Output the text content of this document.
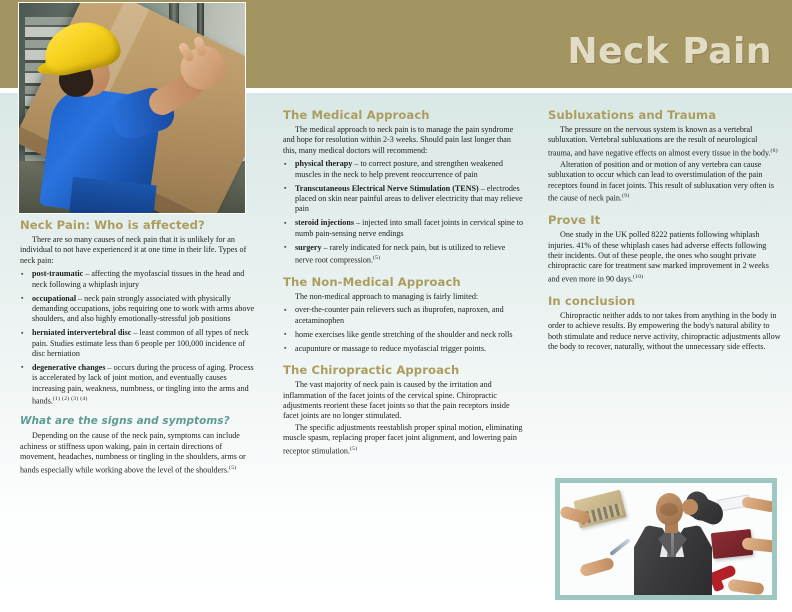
Neck Pain
Neck Pain: Who is affected?

There are so many causes of neck pain that it is unlikely for an individual to not have experienced it at one time in their life. Types of neck pain:

▪ post-traumatic – affecting the myofascial tissues in the head and neck following a whiplash injury
▪ occupational – neck pain strongly associated with physically demanding occupations, jobs requiring one to work with arms above shoulders, and also highly emotionally-stressful job positions
▪ herniated intervertebral disc – least common of all types of neck pain. Studies estimate less than 6 people per 100,000 incidence of disc herniation
▪ degenerative changes – occurs during the process of aging. Process is accelerated by lack of joint motion, and eventually causes increasing pain, weakness, numbness, or tingling into the arms and hands.$^{(1) (2) (3) (4)}$
What are the signs and symptoms?

Depending on the cause of the neck pain, symptoms can include achiness or stiffness upon waking, pain in certain directions of movement, headaches, numbness or tingling in the shoulders, arms or hands especially while working above the level of the shoulders.$^{(5)}$

The Medical Approach

The medical approach to neck pain is to manage the pain syndrome and hope for resolution within 2-3 weeks. Should pain last longer than this, many medical doctors will recommend:

▪ physical therapy – to correct posture, and strengthen weakened muscles in the neck to help prevent reoccurrence of pain
▪ Transcutaneous Electrical Nerve Stimulation (TENS) – electrodes placed on skin near painful areas to deliver electricity that may relieve pain
▪ steroid injections – injected into small facet joints in cervical spine to numb pain-sensing nerve endings
▪ surgery – rarely indicated for neck pain, but is utilized to relieve nerve root compression.$^{(5)}$
The Non-Medical Approach

The non-medical approach to managing is fairly limited:

▪ over-the-counter pain relievers such as ibuprofen, naproxen, and acetaminophen
▪ home exercises like gentle stretching of the shoulder and neck rolls
▪ acupunture or massage to reduce myofascial trigger points.
The Chiropractic Approach

The vast majority of neck pain is caused by the irritation and inflammation of the facet joints of the cervical spine. Chiropractic adjustments reorient these facet joints so that the pain receptors inside facet joints are no longer stimulated.

The specific adjustments reestablish proper spinal motion, eliminating muscle spasm, replacing proper facet joint alignment, and lowering pain receptor stimulation.$^{(5)}$

Subluxations and Trauma

The pressure on the nervous system is known as a vertebral subluxation. Vertebral subluxations are the result of neurological trauma, and have negative effects on almost every tissue in the body.$^{(6)}$

Alteration of position and or motion of any vertebra can cause subluxation to occur which can lead to overstimulation of the pain receptors found in facet joints. This result of subluxation very often is the cause of neck pain.$^{(9)}$

Prove It

One study in the UK polled 8222 patients following whiplash injuries. 41% of these whiplash cases had adverse effects following their incidents. Out of these people, the ones who sought private chiropractic care for treatment saw marked improvement in 2 weeks and even more in 90 days.$^{(10)}$

In conclusion

Chiropractic neither adds to nor takes from anything in the body in order to achieve results. By empowering the body's natural ability to both stimulate and reduce nerve activity, chiropractic adjustments allow the body to recover, naturally, without the unnecessary side effects.
